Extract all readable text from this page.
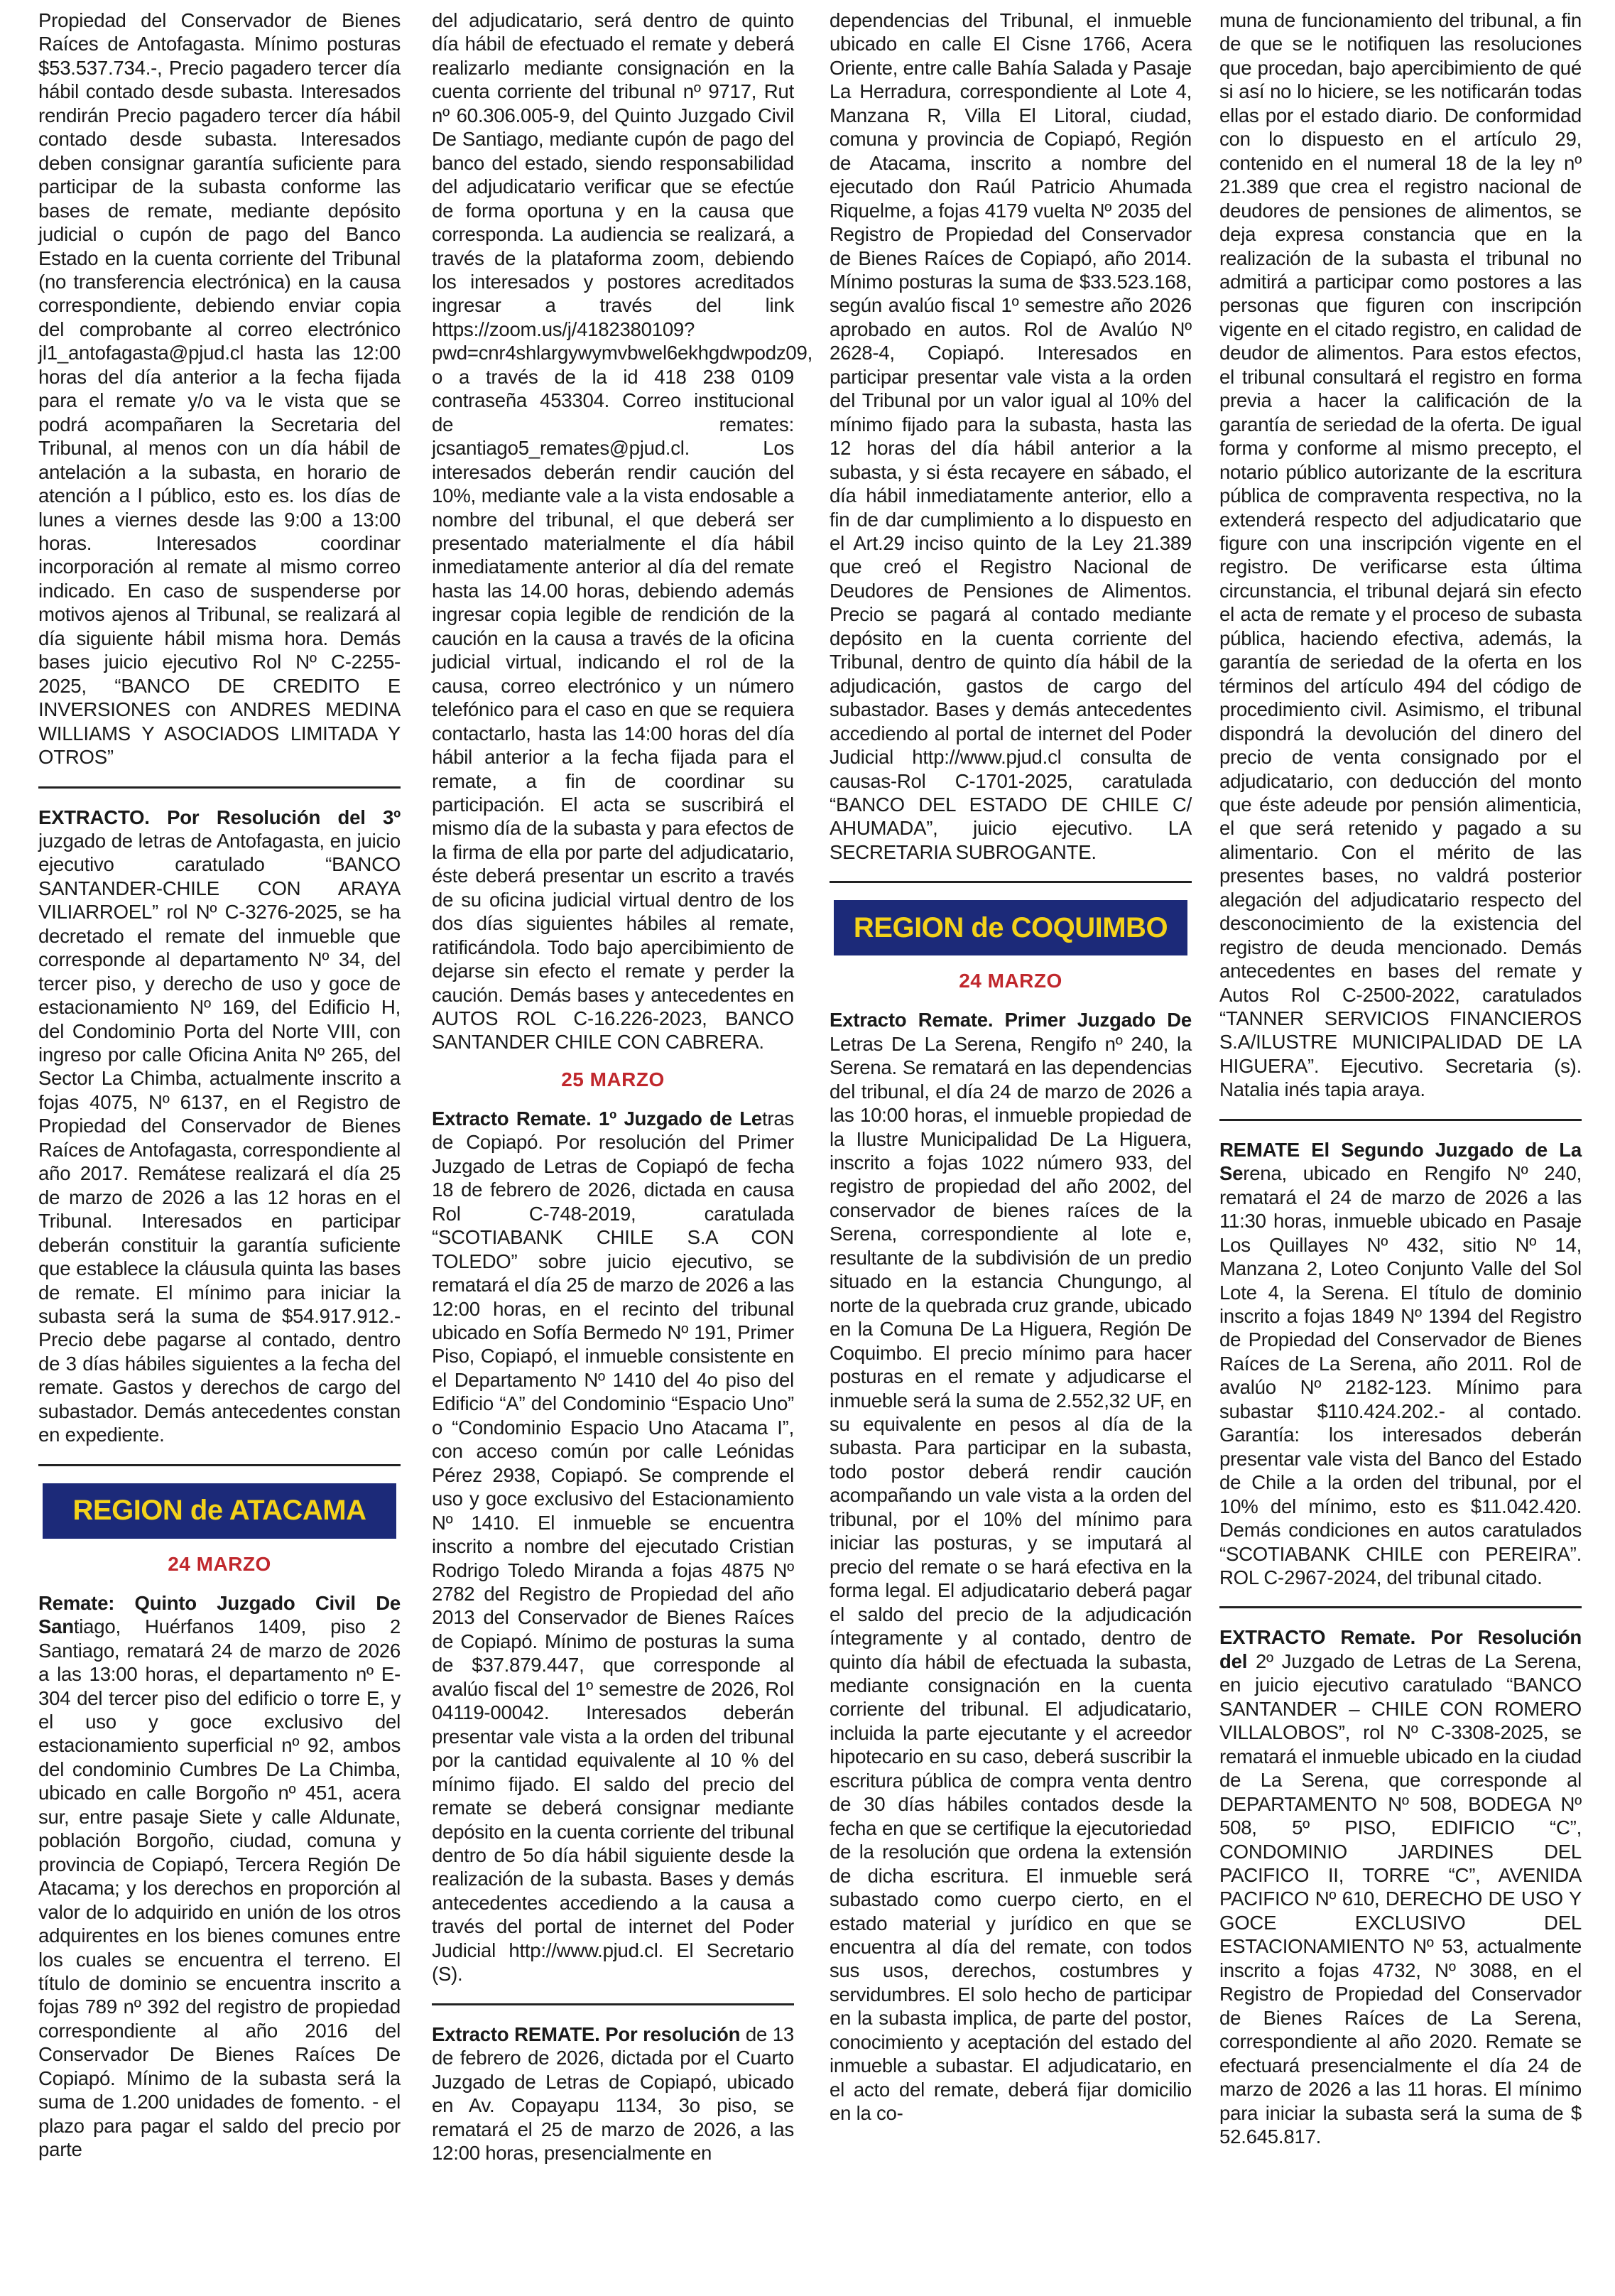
Propiedad del Conservador de Bienes Raíces de Antofagasta. Mínimo posturas $53.537.734.-, Precio pagadero tercer día hábil contado desde subasta. Interesados rendirán Precio pagadero tercer día hábil contado desde subasta. Interesados deben consignar garantía suficiente para participar de la subasta conforme las bases de remate, mediante depósito judicial o cupón de pago del Banco Estado en la cuenta corriente del Tribunal (no transferencia electrónica) en la causa correspondiente, debiendo enviar copia del comprobante al correo electrónico jl1_antofagasta@pjud.cl hasta las 12:00 horas del día anterior a la fecha fijada para el remate y/o va le vista que se podrá acompañaren la Secretaria del Tribunal, al menos con un día hábil de antelación a la subasta, en horario de atención a l público, esto es. los días de lunes a viernes desde las 9:00 a 13:00 horas. Interesados coordinar incorporación al remate al mismo correo indicado. En caso de suspenderse por motivos ajenos al Tribunal, se realizará al día siguiente hábil misma hora. Demás bases juicio ejecutivo Rol Nº C-2255-2025, “BANCO DE CREDITO E INVERSIONES con ANDRES MEDINA WILLIAMS Y ASOCIADOS LIMITADA Y OTROS”

EXTRACTO. Por Resolución del 3º juzgado de letras de Antofagasta, en juicio ejecutivo caratulado “BANCO SANTANDER-CHILE CON ARAYA VILIARROEL” rol Nº C-3276-2025, se ha decretado el remate del inmueble que corresponde al departamento Nº 34, del tercer piso, y derecho de uso y goce de estacionamiento Nº 169, del Edificio H, del Condominio Porta del Norte VIII, con ingreso por calle Oficina Anita Nº 265, del Sector La Chimba, actualmente inscrito a fojas 4075, Nº 6137, en el Registro de Propiedad del Conservador de Bienes Raíces de Antofagasta, correspondiente al año 2017. Remátese realizará el día 25 de marzo de 2026 a las 12 horas en el Tribunal. Interesados en participar deberán constituir la garantía suficiente que establece la cláusula quinta las bases de remate. El mínimo para iniciar la subasta será la suma de $54.917.912.- Precio debe pagarse al contado, dentro de 3 días hábiles siguientes a la fecha del remate. Gastos y derechos de cargo del subastador. Demás antecedentes constan en expediente.

REGION de ATACAMA
24 MARZO

Remate: Quinto Juzgado Civil De Santiago, Huérfanos 1409, piso 2 Santiago, rematará 24 de marzo de 2026 a las 13:00 horas, el departamento nº E-304 del tercer piso del edificio o torre E, y el uso y goce exclusivo del estacionamiento superficial nº 92, ambos del condominio Cumbres De La Chimba, ubicado en calle Borgoño nº 451, acera sur, entre pasaje Siete y calle Aldunate, población Borgoño, ciudad, comuna y provincia de Copiapó, Tercera Región De Atacama; y los derechos en proporción al valor de lo adquirido en unión de los otros adquirentes en los bienes comunes entre los cuales se encuentra el terreno. El título de dominio se encuentra inscrito a fojas 789 nº 392 del registro de propiedad correspondiente al año 2016 del Conservador De Bienes Raíces De Copiapó. Mínimo de la subasta será la suma de 1.200 unidades de fomento. - el plazo para pagar el saldo del precio por parte

del adjudicatario, será dentro de quinto día hábil de efectuado el remate y deberá realizarlo mediante consignación en la cuenta corriente del tribunal nº 9717, Rut nº 60.306.005-9, del Quinto Juzgado Civil De Santiago, mediante cupón de pago del banco del estado, siendo responsabilidad del adjudicatario verificar que se efectúe de forma oportuna y en la causa que corresponda. La audiencia se realizará, a través de la plataforma zoom, debiendo los interesados y postores acreditados ingresar a través del link https://zoom.us/j/4182380109?pwd=cnr4shlargywymvbwel6ekhgdwpodz09, o a través de la id 418 238 0109 contraseña 453304. Correo institucional de remates: jcsantiago5_remates@pjud.cl. Los interesados deberán rendir caución del 10%, mediante vale a la vista endosable a nombre del tribunal, el que deberá ser presentado materialmente el día hábil inmediatamente anterior al día del remate hasta las 14.00 horas, debiendo además ingresar copia legible de rendición de la caución en la causa a través de la oficina judicial virtual, indicando el rol de la causa, correo electrónico y un número telefónico para el caso en que se requiera contactarlo, hasta las 14:00 horas del día hábil anterior a la fecha fijada para el remate, a fin de coordinar su participación. El acta se suscribirá el mismo día de la subasta y para efectos de la firma de ella por parte del adjudicatario, éste deberá presentar un escrito a través de su oficina judicial virtual dentro de los dos días siguientes hábiles al remate, ratificándola. Todo bajo apercibimiento de dejarse sin efecto el remate y perder la caución. Demás bases y antecedentes en AUTOS ROL C-16.226-2023, BANCO SANTANDER CHILE CON CABRERA.

25 MARZO

Extracto Remate. 1º Juzgado de Letras de Copiapó. Por resolución del Primer Juzgado de Letras de Copiapó de fecha 18 de febrero de 2026, dictada en causa Rol C-748-2019, caratulada “SCOTIABANK CHILE S.A CON TOLEDO” sobre juicio ejecutivo, se rematará el día 25 de marzo de 2026 a las 12:00 horas, en el recinto del tribunal ubicado en Sofía Bermedo Nº 191, Primer Piso, Copiapó, el inmueble consistente en el Departamento Nº 1410 del 4o piso del Edificio “A” del Condominio “Espacio Uno” o “Condominio Espacio Uno Atacama I”, con acceso común por calle Leónidas Pérez 2938, Copiapó. Se comprende el uso y goce exclusivo del Estacionamiento Nº 1410. El inmueble se encuentra inscrito a nombre del ejecutado Cristian Rodrigo Toledo Miranda a fojas 4875 Nº 2782 del Registro de Propiedad del año 2013 del Conservador de Bienes Raíces de Copiapó. Mínimo de posturas la suma de $37.879.447, que corresponde al avalúo fiscal del 1º semestre de 2026, Rol 04119-00042. Interesados deberán presentar vale vista a la orden del tribunal por la cantidad equivalente al 10 % del mínimo fijado. El saldo del precio del remate se deberá consignar mediante depósito en la cuenta corriente del tribunal dentro de 5o día hábil siguiente desde la realización de la subasta. Bases y demás antecedentes accediendo a la causa a través del portal de internet del Poder Judicial http://www.pjud.cl. El Secretario (S).

Extracto REMATE. Por resolución de 13 de febrero de 2026, dictada por el Cuarto Juzgado de Letras de Copiapó, ubicado en Av. Copayapu 1134, 3o piso, se rematará el 25 de marzo de 2026, a las 12:00 horas, presencialmente en

dependencias del Tribunal, el inmueble ubicado en calle El Cisne 1766, Acera Oriente, entre calle Bahía Salada y Pasaje La Herradura, correspondiente al Lote 4, Manzana R, Villa El Litoral, ciudad, comuna y provincia de Copiapó, Región de Atacama, inscrito a nombre del ejecutado don Raúl Patricio Ahumada Riquelme, a fojas 4179 vuelta Nº 2035 del Registro de Propiedad del Conservador de Bienes Raíces de Copiapó, año 2014. Mínimo posturas la suma de $33.523.168, según avalúo fiscal 1º semestre año 2026 aprobado en autos. Rol de Avalúo Nº 2628-4, Copiapó. Interesados en participar presentar vale vista a la orden del Tribunal por un valor igual al 10% del mínimo fijado para la subasta, hasta las 12 horas del día hábil anterior a la subasta, y si ésta recayere en sábado, el día hábil inmediatamente anterior, ello a fin de dar cumplimiento a lo dispuesto en el Art.29 inciso quinto de la Ley 21.389 que creó el Registro Nacional de Deudores de Pensiones de Alimentos. Precio se pagará al contado mediante depósito en la cuenta corriente del Tribunal, dentro de quinto día hábil de la adjudicación, gastos de cargo del subastador. Bases y demás antecedentes accediendo al portal de internet del Poder Judicial http://www.pjud.cl consulta de causas-Rol C-1701-2025, caratulada “BANCO DEL ESTADO DE CHILE C/ AHUMADA”, juicio ejecutivo. LA SECRETARIA SUBROGANTE.

REGION de COQUIMBO
24 MARZO

Extracto Remate. Primer Juzgado De Letras De La Serena, Rengifo nº 240, la Serena. Se rematará en las dependencias del tribunal, el día 24 de marzo de 2026 a las 10:00 horas, el inmueble propiedad de la Ilustre Municipalidad De La Higuera, inscrito a fojas 1022 número 933, del registro de propiedad del año 2002, del conservador de bienes raíces de la Serena, correspondiente al lote e, resultante de la subdivisión de un predio situado en la estancia Chungungo, al norte de la quebrada cruz grande, ubicado en la Comuna De La Higuera, Región De Coquimbo. El precio mínimo para hacer posturas en el remate y adjudicarse el inmueble será la suma de 2.552,32 UF, en su equivalente en pesos al día de la subasta. Para participar en la subasta, todo postor deberá rendir caución acompañando un vale vista a la orden del tribunal, por el 10% del mínimo para iniciar las posturas, y se imputará al precio del remate o se hará efectiva en la forma legal. El adjudicatario deberá pagar el saldo del precio de la adjudicación íntegramente y al contado, dentro de quinto día hábil de efectuada la subasta, mediante consignación en la cuenta corriente del tribunal. El adjudicatario, incluida la parte ejecutante y el acreedor hipotecario en su caso, deberá suscribir la escritura pública de compra venta dentro de 30 días hábiles contados desde la fecha en que se certifique la ejecutoriedad de la resolución que ordena la extensión de dicha escritura. El inmueble será subastado como cuerpo cierto, en el estado material y jurídico en que se encuentra al día del remate, con todos sus usos, derechos, costumbres y servidumbres. El solo hecho de participar en la subasta implica, de parte del postor, conocimiento y aceptación del estado del inmueble a subastar. El adjudicatario, en el acto del remate, deberá fijar domicilio en la co-

muna de funcionamiento del tribunal, a fin de que se le notifiquen las resoluciones que procedan, bajo apercibimiento de qué si así no lo hiciere, se les notificarán todas ellas por el estado diario. De conformidad con lo dispuesto en el artículo 29, contenido en el numeral 18 de la ley nº 21.389 que crea el registro nacional de deudores de pensiones de alimentos, se deja expresa constancia que en la realización de la subasta el tribunal no admitirá a participar como postores a las personas que figuren con inscripción vigente en el citado registro, en calidad de deudor de alimentos. Para estos efectos, el tribunal consultará el registro en forma previa a hacer la calificación de la garantía de seriedad de la oferta. De igual forma y conforme al mismo precepto, el notario público autorizante de la escritura pública de compraventa respectiva, no la extenderá respecto del adjudicatario que figure con una inscripción vigente en el registro. De verificarse esta última circunstancia, el tribunal dejará sin efecto el acta de remate y el proceso de subasta pública, haciendo efectiva, además, la garantía de seriedad de la oferta en los términos del artículo 494 del código de procedimiento civil. Asimismo, el tribunal dispondrá la devolución del dinero del precio de venta consignado por el adjudicatario, con deducción del monto que éste adeude por pensión alimenticia, el que será retenido y pagado a su alimentario. Con el mérito de las presentes bases, no valdrá posterior alegación del adjudicatario respecto del desconocimiento de la existencia del registro de deuda mencionado. Demás antecedentes en bases del remate y Autos Rol C-2500-2022, caratulados “TANNER SERVICIOS FINANCIEROS S.A/ILUSTRE MUNICIPALIDAD DE LA HIGUERA”. Ejecutivo. Secretaria (s). Natalia inés tapia araya.

REMATE El Segundo Juzgado de La Serena, ubicado en Rengifo Nº 240, rematará el 24 de marzo de 2026 a las 11:30 horas, inmueble ubicado en Pasaje Los Quillayes Nº 432, sitio Nº 14, Manzana 2, Loteo Conjunto Valle del Sol Lote 4, la Serena. El título de dominio inscrito a fojas 1849 Nº 1394 del Registro de Propiedad del Conservador de Bienes Raíces de La Serena, año 2011. Rol de avalúo Nº 2182-123. Mínimo para subastar $110.424.202.- al contado. Garantía: los interesados deberán presentar vale vista del Banco del Estado de Chile a la orden del tribunal, por el 10% del mínimo, esto es $11.042.420. Demás condiciones en autos caratulados “SCOTIABANK CHILE con PEREIRA”. ROL C-2967-2024, del tribunal citado.

EXTRACTO Remate. Por Resolución del 2º Juzgado de Letras de La Serena, en juicio ejecutivo caratulado “BANCO SANTANDER – CHILE CON ROMERO VILLALOBOS”, rol Nº C-3308-2025, se rematará el inmueble ubicado en la ciudad de La Serena, que corresponde al DEPARTAMENTO Nº 508, BODEGA Nº 508, 5º PISO, EDIFICIO “C”, CONDOMINIO JARDINES DEL PACIFICO II, TORRE “C”, AVENIDA PACIFICO Nº 610, DERECHO DE USO Y GOCE EXCLUSIVO DEL ESTACIONAMIENTO Nº 53, actualmente inscrito a fojas 4732, Nº 3088, en el Registro de Propiedad del Conservador de Bienes Raíces de La Serena, correspondiente al año 2020. Remate se efectuará presencialmente el día 24 de marzo de 2026 a las 11 horas. El mínimo para iniciar la subasta será la suma de $ 52.645.817.
